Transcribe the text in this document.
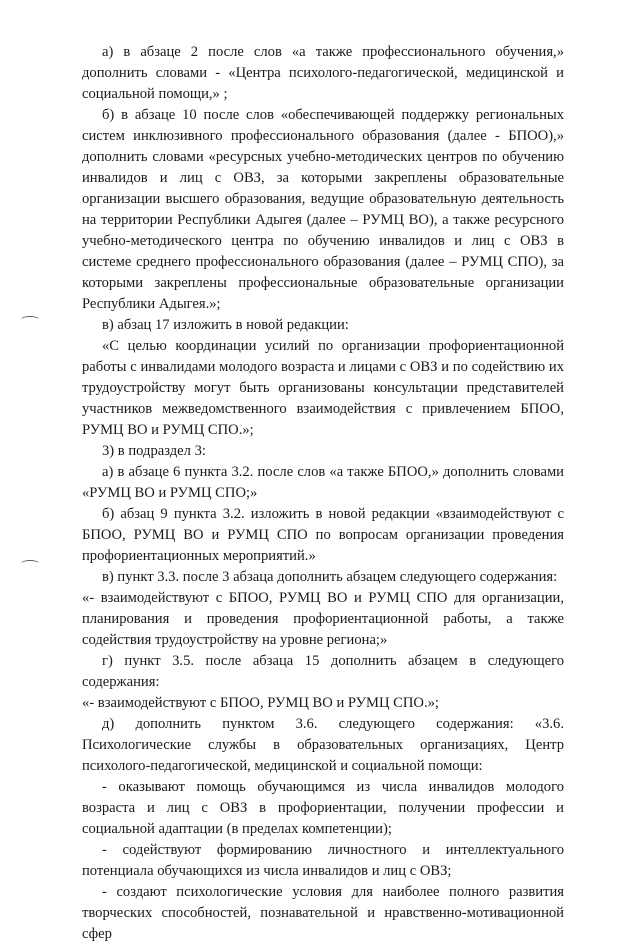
а) в абзаце 2 после слов «а также профессионального обучения,» дополнить словами - «Центра психолого-педагогической, медицинской и социальной помощи,» ;

б) в абзаце 10 после слов «обеспечивающей поддержку региональных систем инклюзивного профессионального образования (далее - БПОО),» дополнить словами «ресурсных учебно-методических центров по обучению инвалидов и лиц с ОВЗ, за которыми закреплены образовательные организации высшего образования, ведущие образовательную деятельность на территории Республики Адыгея (далее – РУМЦ ВО), а также ресурсного учебно-методического центра по обучению инвалидов и лиц с ОВЗ в системе среднего профессионального образования (далее – РУМЦ СПО), за которыми закреплены профессиональные образовательные организации Республики Адыгея.»;

в) абзац 17 изложить в новой редакции:

«С целью координации усилий по организации профориентационной работы с инвалидами молодого возраста и лицами с ОВЗ и по содействию их трудоустройству могут быть организованы консультации представителей участников межведомственного взаимодействия с привлечением БПОО, РУМЦ ВО и РУМЦ СПО.»;

3) в подраздел 3:

а) в абзаце 6 пункта 3.2. после слов «а также БПОО,» дополнить словами «РУМЦ ВО и РУМЦ СПО;»

б) абзац 9 пункта 3.2. изложить в новой редакции «взаимодействуют с БПОО, РУМЦ ВО и РУМЦ СПО по вопросам организации проведения профориентационных мероприятий.»

в) пункт 3.3. после 3 абзаца дополнить абзацем следующего содержания:

«- взаимодействуют с БПОО, РУМЦ ВО и РУМЦ СПО для организации, планирования и проведения профориентационной работы, а также содействия трудоустройству на уровне региона;»

г) пункт 3.5. после абзаца 15 дополнить абзацем в следующего содержания:

«- взаимодействуют с БПОО, РУМЦ ВО и РУМЦ СПО.»;

д) дополнить пунктом 3.6. следующего содержания: «3.6. Психологические службы в образовательных организациях, Центр психолого-педагогической, медицинской и социальной помощи:

- оказывают помощь обучающимся из числа инвалидов молодого возраста и лиц с ОВЗ в профориентации, получении профессии и социальной адаптации (в пределах компетенции);

- содействуют формированию личностного и интеллектуального потенциала обучающихся из числа инвалидов и лиц с ОВЗ;

- создают психологические условия для наиболее полного развития творческих способностей, познавательной и нравственно-мотивационной сфер
